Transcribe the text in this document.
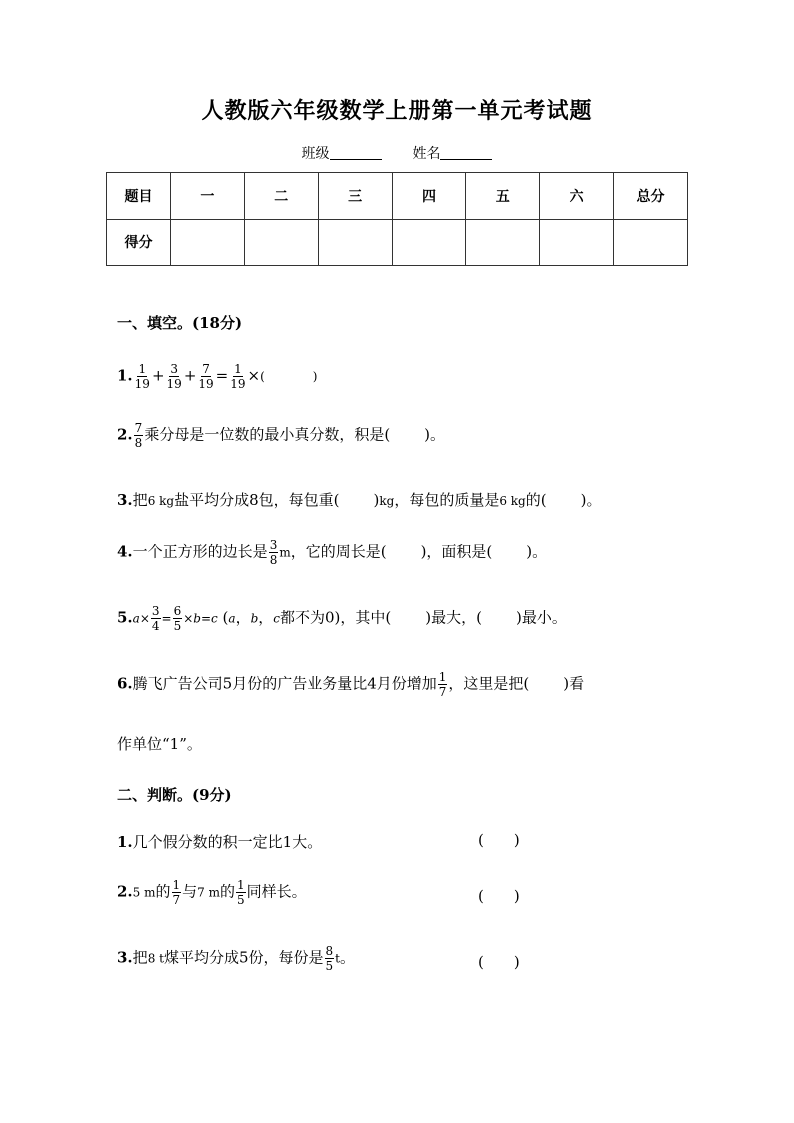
人教版六年级数学上册第一单元考试题
班级	姓名
题目	一	二	三	四	五	六	总分
得分							
一、填空。(18分)
1. $\frac{1}{19} + \frac{3}{19} + \frac{7}{19} = \frac{1}{19}$ ×(	)
2. $\frac{7}{8}$ 乘分母是一位数的最小真分数，积是( )。
3.把6 kg盐平均分成8包，每包重( )kg，每包的质量是6 kg的( )。
4.一个正方形的边长是 $\frac{3}{8}$ m，它的周长是( )，面积是( )。
$5.a\times \frac{3}{4} = \frac{6}{5} \times b=c$ (a，b，c都不为0)，其中( )最大，( )最小。
6.腾飞广告公司5月份的广告业务量比4月份增加 $\frac{1}{7}$ ，这里是把( )看
作单位“1”。
二、判断。(9分)
1.几个假分数的积一定比1大。	( )
2.5 m的 $\frac{1}{7}$ 与7 m的 $\frac{1}{5}$ 同样长。	( )
3.把8 t煤平均分成5份，每份是 $\frac{8}{5}$ t。	( )
